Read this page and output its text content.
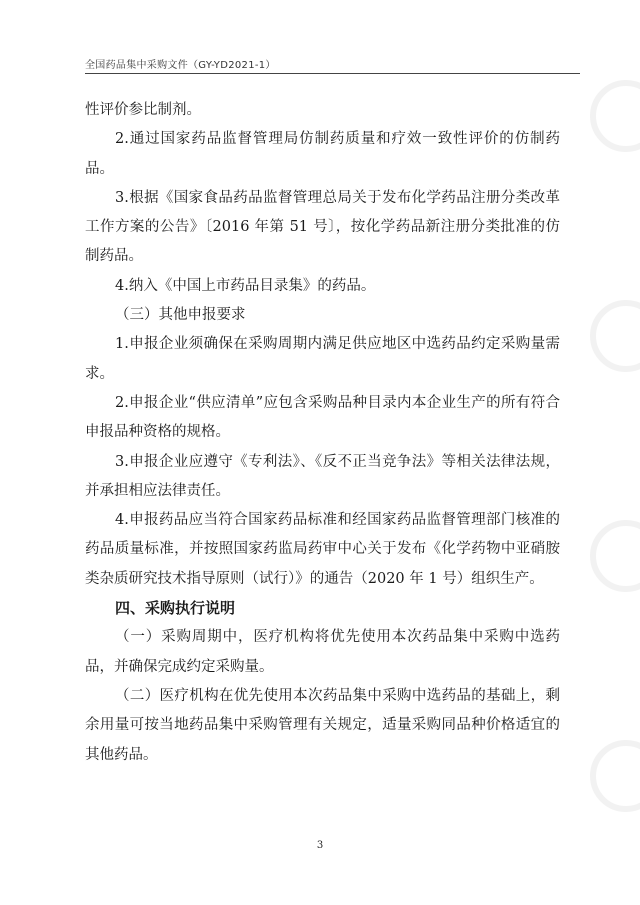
全国药品集中采购文件（GY-YD2021-1）

性评价参比制剂。

2.通过国家药品监督管理局仿制药质量和疗效一致性评价的仿制药品。

3.根据《国家食品药品监督管理总局关于发布化学药品注册分类改革工作方案的公告》〔2016 年第 51 号〕，按化学药品新注册分类批准的仿制药品。

4.纳入《中国上市药品目录集》的药品。

（三）其他申报要求

1.申报企业须确保在采购周期内满足供应地区中选药品约定采购量需求。

2.申报企业“供应清单”应包含采购品种目录内本企业生产的所有符合申报品种资格的规格。

3.申报企业应遵守《专利法》、《反不正当竞争法》等相关法律法规，并承担相应法律责任。

4.申报药品应当符合国家药品标准和经国家药品监督管理部门核准的药品质量标准，并按照国家药监局药审中心关于发布《化学药物中亚硝胺类杂质研究技术指导原则（试行）》的通告（2020 年 1 号）组织生产。

四、采购执行说明

（一）采购周期中，医疗机构将优先使用本次药品集中采购中选药品，并确保完成约定采购量。

（二）医疗机构在优先使用本次药品集中采购中选药品的基础上，剩余用量可按当地药品集中采购管理有关规定，适量采购同品种价格适宜的其他药品。

3
